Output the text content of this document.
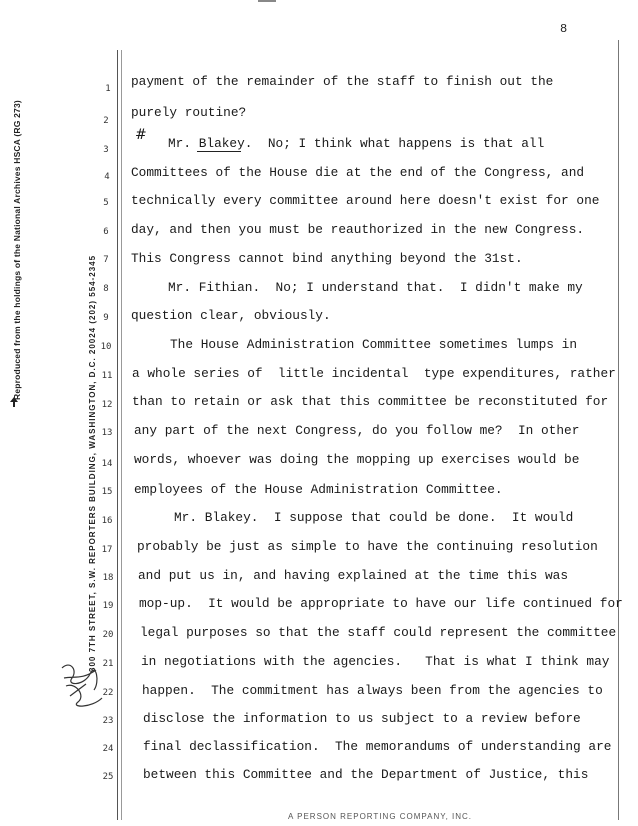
8
Reproduced from the holdings of the National Archives HSCA (RG 273)
300 7TH STREET, S.W. REPORTERS BUILDING, WASHINGTON, D.C. 20024 (202) 554-2345
1
2
3
4
5
6
7
8
9
10
11
12
13
14
15
16
17
18
19
20
21
22
23
24
25
#
payment of the remainder of the staff to finish out the
purely routine?
Mr. Blakey.  No; I think what happens is that all
Committees of the House die at the end of the Congress, and
technically every committee around here doesn't exist for one
day, and then you must be reauthorized in the new Congress.
This Congress cannot bind anything beyond the 31st.
Mr. Fithian.  No; I understand that.  I didn't make my
question clear, obviously.
The House Administration Committee sometimes lumps in
a whole series of  little incidental  type expenditures, rather
than to retain or ask that this committee be reconstituted for
any part of the next Congress, do you follow me?  In other
words, whoever was doing the mopping up exercises would be
employees of the House Administration Committee.
Mr. Blakey.  I suppose that could be done.  It would
probably be just as simple to have the continuing resolution
and put us in, and having explained at the time this was
mop-up.  It would be appropriate to have our life continued for
legal purposes so that the staff could represent the committee
in negotiations with the agencies.   That is what I think may
happen.  The commitment has always been from the agencies to
disclose the information to us subject to a review before
final declassification.  The memorandums of understanding are
between this Committee and the Department of Justice, this
A PERSON REPORTING COMPANY, INC.
